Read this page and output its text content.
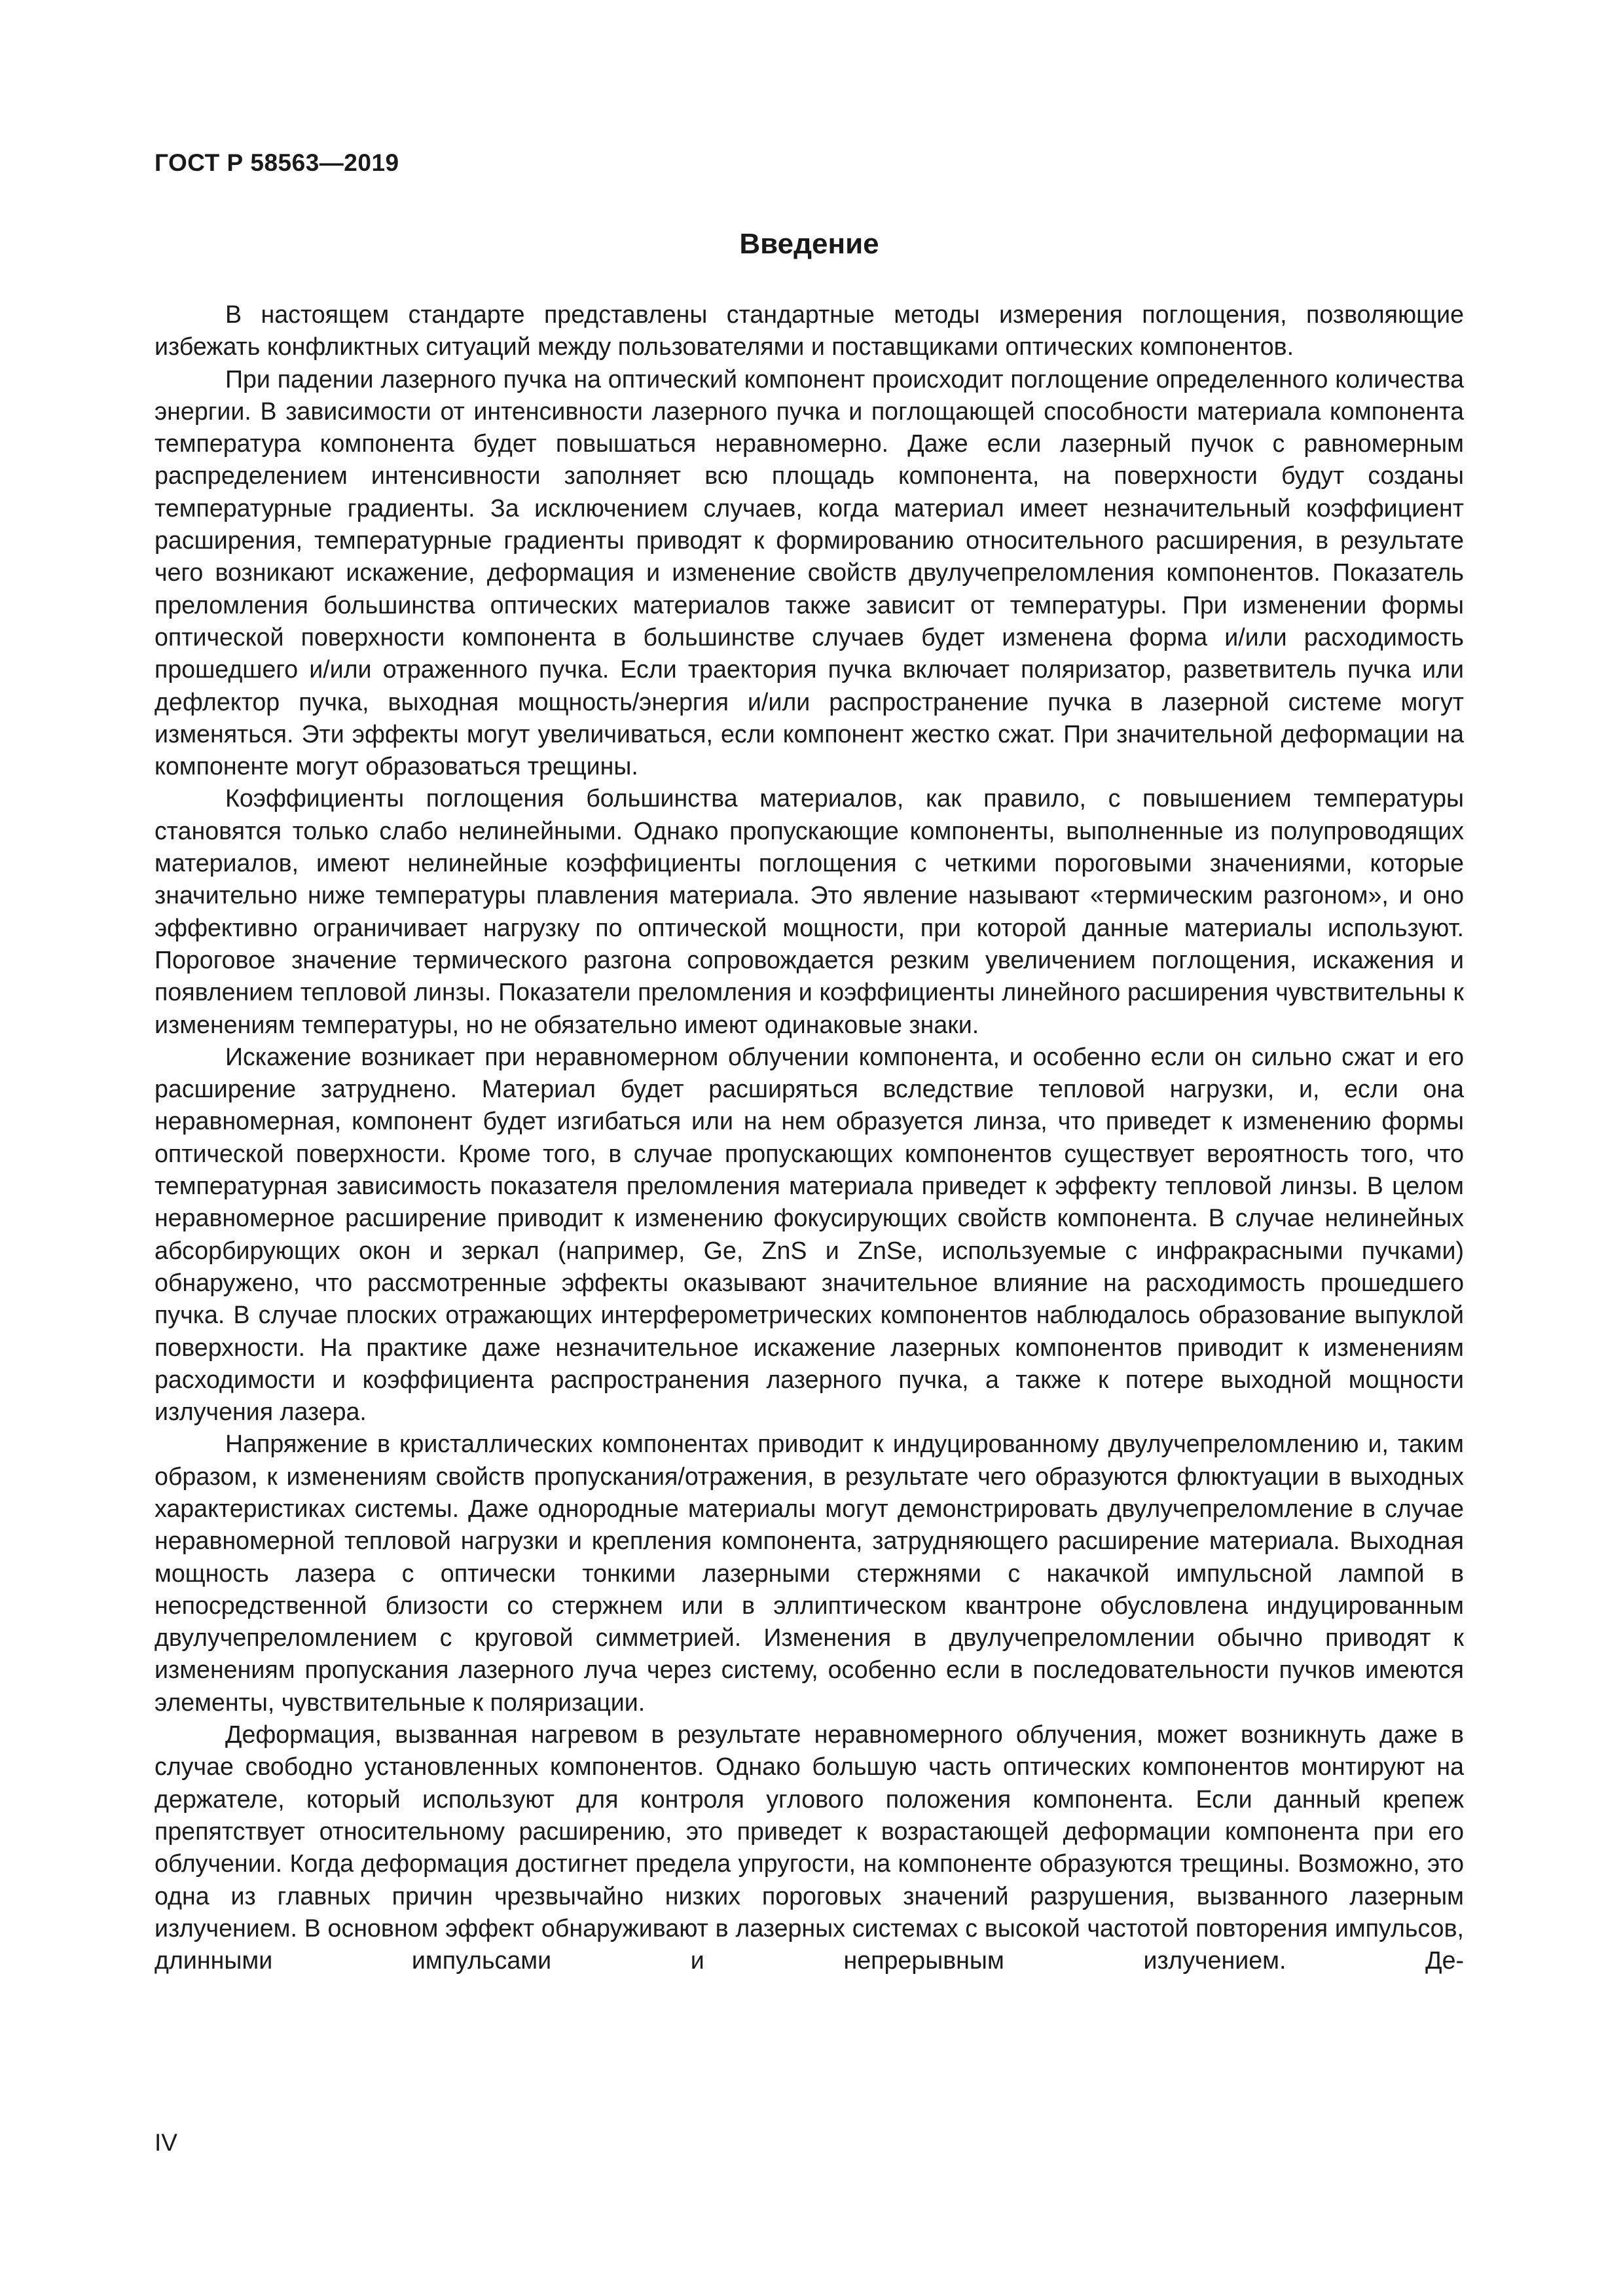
ГОСТ Р 58563—2019
Введение

В настоящем стандарте представлены стандартные методы измерения поглощения, позволяющие избежать конфликтных ситуаций между пользователями и поставщиками оптических компонентов.

При падении лазерного пучка на оптический компонент происходит поглощение определенного количества энергии. В зависимости от интенсивности лазерного пучка и поглощающей способности материала компонента температура компонента будет повышаться неравномерно. Даже если лазерный пучок с равномерным распределением интенсивности заполняет всю площадь компонента, на поверхности будут созданы температурные градиенты. За исключением случаев, когда материал имеет незначительный коэффициент расширения, температурные градиенты приводят к формированию относительного расширения, в результате чего возникают искажение, деформация и изменение свойств двулучепреломления компонентов. Показатель преломления большинства оптических материалов также зависит от температуры. При изменении формы оптической поверхности компонента в большинстве случаев будет изменена форма и/или расходимость прошедшего и/или отраженного пучка. Если траектория пучка включает поляризатор, разветвитель пучка или дефлектор пучка, выходная мощность/энергия и/или распространение пучка в лазерной системе могут изменяться. Эти эффекты могут увеличиваться, если компонент жестко сжат. При значительной деформации на компоненте могут образоваться трещины.

Коэффициенты поглощения большинства материалов, как правило, с повышением температуры становятся только слабо нелинейными. Однако пропускающие компоненты, выполненные из полупроводящих материалов, имеют нелинейные коэффициенты поглощения с четкими пороговыми значениями, которые значительно ниже температуры плавления материала. Это явление называют «термическим разгоном», и оно эффективно ограничивает нагрузку по оптической мощности, при которой данные материалы используют. Пороговое значение термического разгона сопровождается резким увеличением поглощения, искажения и появлением тепловой линзы. Показатели преломления и коэффициенты линейного расширения чувствительны к изменениям температуры, но не обязательно имеют одинаковые знаки.

Искажение возникает при неравномерном облучении компонента, и особенно если он сильно сжат и его расширение затруднено. Материал будет расширяться вследствие тепловой нагрузки, и, если она неравномерная, компонент будет изгибаться или на нем образуется линза, что приведет к изменению формы оптической поверхности. Кроме того, в случае пропускающих компонентов существует вероятность того, что температурная зависимость показателя преломления материала приведет к эффекту тепловой линзы. В целом неравномерное расширение приводит к изменению фокусирующих свойств компонента. В случае нелинейных абсорбирующих окон и зеркал (например, Ge, ZnS и ZnSe, используемые с инфракрасными пучками) обнаружено, что рассмотренные эффекты оказывают значительное влияние на расходимость прошедшего пучка. В случае плоских отражающих интерферометрических компонентов наблюдалось образование выпуклой поверхности. На практике даже незначительное искажение лазерных компонентов приводит к изменениям расходимости и коэффициента распространения лазерного пучка, а также к потере выходной мощности излучения лазера.

Напряжение в кристаллических компонентах приводит к индуцированному двулучепреломлению и, таким образом, к изменениям свойств пропускания/отражения, в результате чего образуются флюктуации в выходных характеристиках системы. Даже однородные материалы могут демонстрировать двулучепреломление в случае неравномерной тепловой нагрузки и крепления компонента, затрудняющего расширение материала. Выходная мощность лазера с оптически тонкими лазерными стержнями с накачкой импульсной лампой в непосредственной близости со стержнем или в эллиптическом квантроне обусловлена индуцированным двулучепреломлением с круговой симметрией. Изменения в двулучепреломлении обычно приводят к изменениям пропускания лазерного луча через систему, особенно если в последовательности пучков имеются элементы, чувствительные к поляризации.

Деформация, вызванная нагревом в результате неравномерного облучения, может возникнуть даже в случае свободно установленных компонентов. Однако большую часть оптических компонентов монтируют на держателе, который используют для контроля углового положения компонента. Если данный крепеж препятствует относительному расширению, это приведет к возрастающей деформации компонента при его облучении. Когда деформация достигнет предела упругости, на компоненте образуются трещины. Возможно, это одна из главных причин чрезвычайно низких пороговых значений разрушения, вызванного лазерным излучением. В основном эффект обнаруживают в лазерных системах с высокой частотой повторения импульсов, длинными импульсами и непрерывным излучением. Де-

IV
